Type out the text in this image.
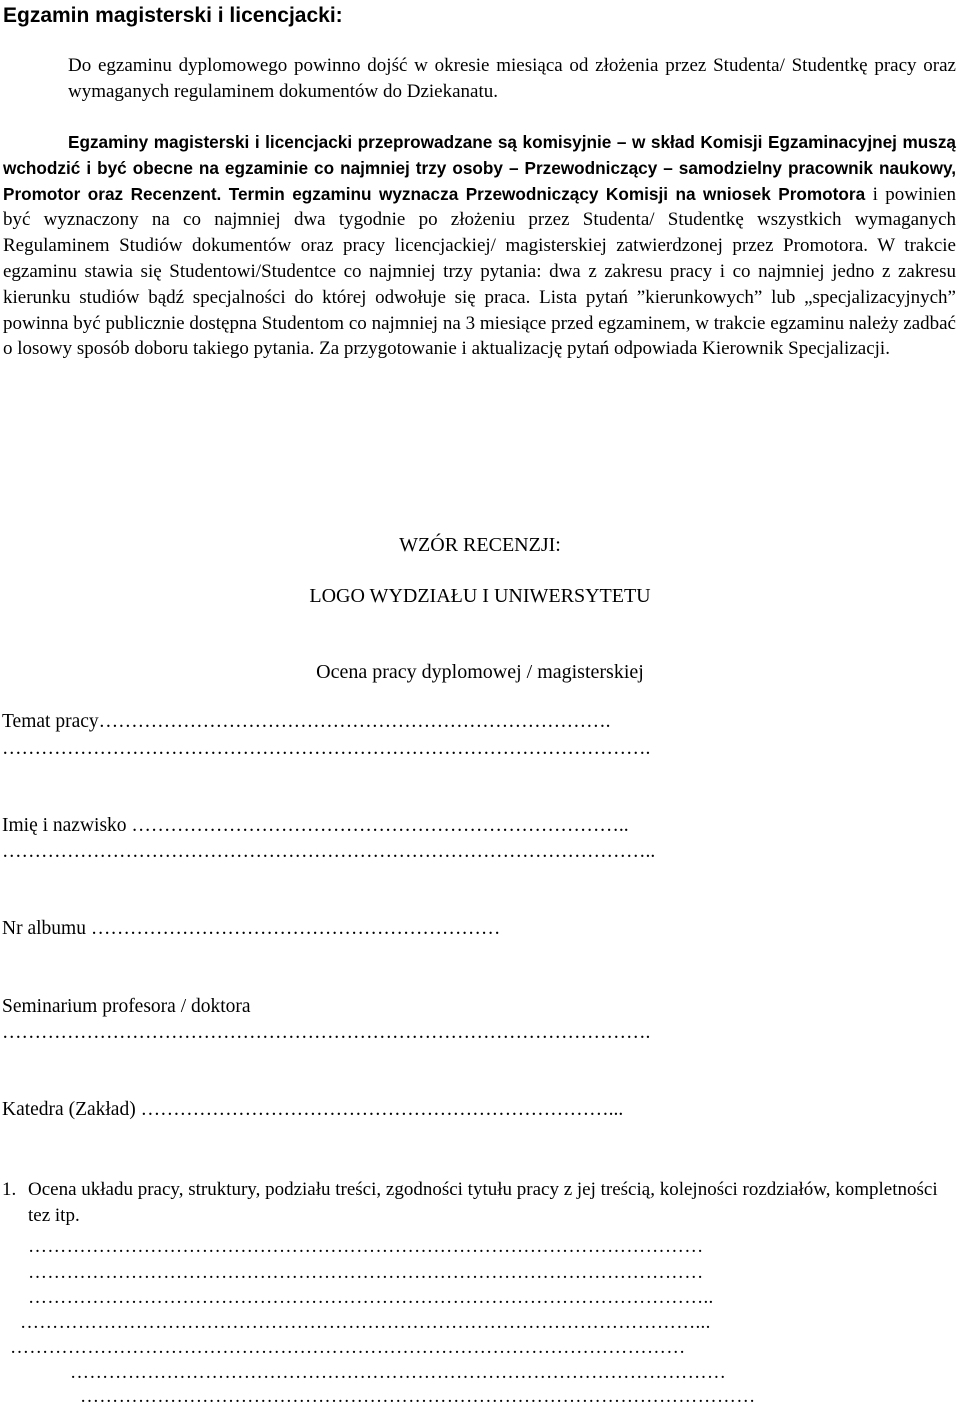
Egzamin magisterski i licencjacki:

Do egzaminu dyplomowego powinno dojść w okresie miesiąca od złożenia przez Studenta/ Studentkę pracy oraz wymaganych regulaminem dokumentów do Dziekanatu.

Egzaminy magisterski i licencjacki przeprowadzane są komisyjnie – w skład Komisji Egzaminacyjnej muszą wchodzić i być obecne na egzaminie co najmniej trzy osoby – Przewodniczący – samodzielny pracownik naukowy, Promotor oraz Recenzent. Termin egzaminu wyznacza Przewodniczący Komisji na wniosek Promotora i powinien być wyznaczony na co najmniej dwa tygodnie po złożeniu przez Studenta/ Studentkę wszystkich wymaganych Regulaminem Studiów dokumentów oraz pracy licencjackiej/ magisterskiej zatwierdzonej przez Promotora. W trakcie egzaminu stawia się Studentowi/Studentce co najmniej trzy pytania: dwa z zakresu pracy i co najmniej jedno z zakresu kierunku studiów bądź specjalności do której odwołuje się praca. Lista pytań ”kierunkowych” lub „specjalizacyjnych” powinna być publicznie dostępna Studentom co najmniej na 3 miesiące przed egzaminem, w trakcie egzaminu należy zadbać o losowy sposób doboru takiego pytania. Za przygotowanie i aktualizację pytań odpowiada Kierownik Specjalizacji.

WZÓR RECENZJI:

LOGO WYDZIAŁU I UNIWERSYTETU

Ocena pracy dyplomowej / magisterskiej

Temat pracy…………………………………………………………………….

……………………………………………………………………………………….

Imię i nazwisko …………………………………………………………………..

………………………………………………………………………………………..

Nr albumu ………………………………………………………

Seminarium profesora / doktora

……………………………………………………………………………………….

Katedra (Zakład) ………………………………………………………………...

1. Ocena układu pracy, struktury, podziału treści, zgodności tytułu pracy z jej treścią, kolejności rozdziałów, kompletności tez itp.

……………………………………………………………………………………………

……………………………………………………………………………………………

……………………………………………………………………………………………..

……………………………………………………………………………………………...

……………………………………………………………………………………………

…………………………………………………………………………………………

……………………………………………………………………………………………
